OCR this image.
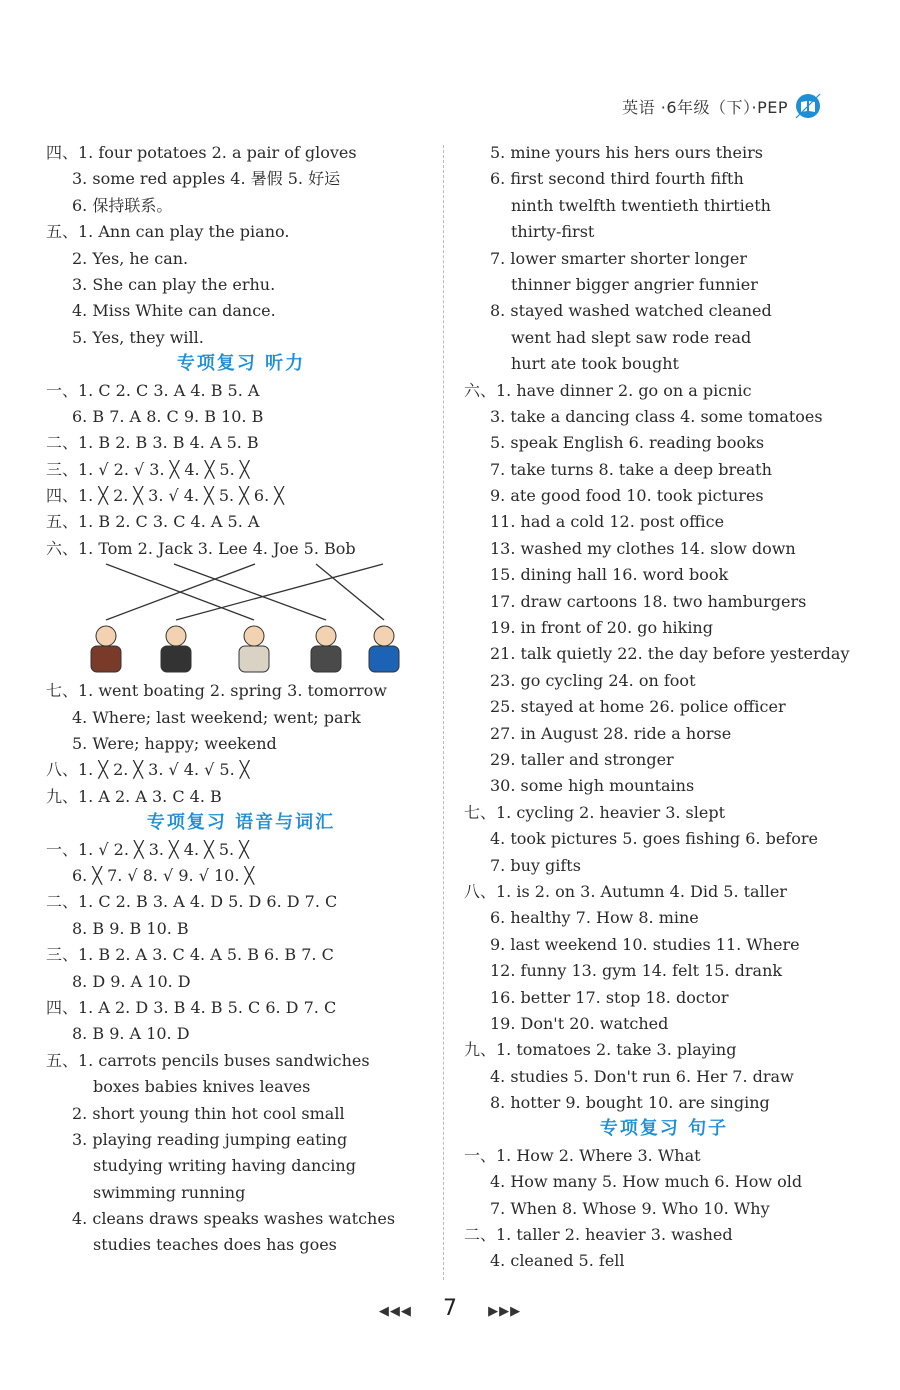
英语 ·6年级（下）·PEP
四、1. four potatoes 2. a pair of gloves
3. some red apples 4. 暑假 5. 好运
6. 保持联系。
五、1. Ann can play the piano.
2. Yes, he can.
3. She can play the erhu.
4. Miss White can dance.
5. Yes, they will.
专项复习 听力
一、1. C 2. C 3. A 4. B 5. A
6. B 7. A 8. C 9. B 10. B
二、1. B 2. B 3. B 4. A 5. B
三、1. √ 2. √ 3. ╳ 4. ╳ 5. ╳
四、1. ╳ 2. ╳ 3. √ 4. ╳ 5. ╳ 6. ╳
五、1. B 2. C 3. C 4. A 5. A
六、1. Tom 2. Jack 3. Lee 4. Joe 5. Bob
七、1. went boating 2. spring 3. tomorrow
4. Where; last weekend; went; park
5. Were; happy; weekend
八、1. ╳ 2. ╳ 3. √ 4. √ 5. ╳
九、1. A 2. A 3. C 4. B
专项复习 语音与词汇
一、1. √ 2. ╳ 3. ╳ 4. ╳ 5. ╳
6. ╳ 7. √ 8. √ 9. √ 10. ╳
二、1. C 2. B 3. A 4. D 5. D 6. D 7. C
8. B 9. B 10. B
三、1. B 2. A 3. C 4. A 5. B 6. B 7. C
8. D 9. A 10. D
四、1. A 2. D 3. B 4. B 5. C 6. D 7. C
8. B 9. A 10. D
五、1. carrots pencils buses sandwiches
boxes babies knives leaves
2. short young thin hot cool small
3. playing reading jumping eating
studying writing having dancing
swimming running
4. cleans draws speaks washes watches
studies teaches does has goes
5. mine yours his hers ours theirs
6. first second third fourth fifth
ninth twelfth twentieth thirtieth
thirty-first
7. lower smarter shorter longer
thinner bigger angrier funnier
8. stayed washed watched cleaned
went had slept saw rode read
hurt ate took bought
六、1. have dinner 2. go on a picnic
3. take a dancing class 4. some tomatoes
5. speak English 6. reading books
7. take turns 8. take a deep breath
9. ate good food 10. took pictures
11. had a cold 12. post office
13. washed my clothes 14. slow down
15. dining hall 16. word book
17. draw cartoons 18. two hamburgers
19. in front of 20. go hiking
21. talk quietly 22. the day before yesterday
23. go cycling 24. on foot
25. stayed at home 26. police officer
27. in August 28. ride a horse
29. taller and stronger
30. some high mountains
七、1. cycling 2. heavier 3. slept
4. took pictures 5. goes fishing 6. before
7. buy gifts
八、1. is 2. on 3. Autumn 4. Did 5. taller
6. healthy 7. How 8. mine
9. last weekend 10. studies 11. Where
12. funny 13. gym 14. felt 15. drank
16. better 17. stop 18. doctor
19. Don't 20. watched
九、1. tomatoes 2. take 3. playing
4. studies 5. Don't run 6. Her 7. draw
8. hotter 9. bought 10. are singing
专项复习 句子
一、1. How 2. Where 3. What
4. How many 5. How much 6. How old
7. When 8. Whose 9. Who 10. Why
二、1. taller 2. heavier 3. washed
4. cleaned 5. fell
◀◀◀ 7 ▶▶▶
